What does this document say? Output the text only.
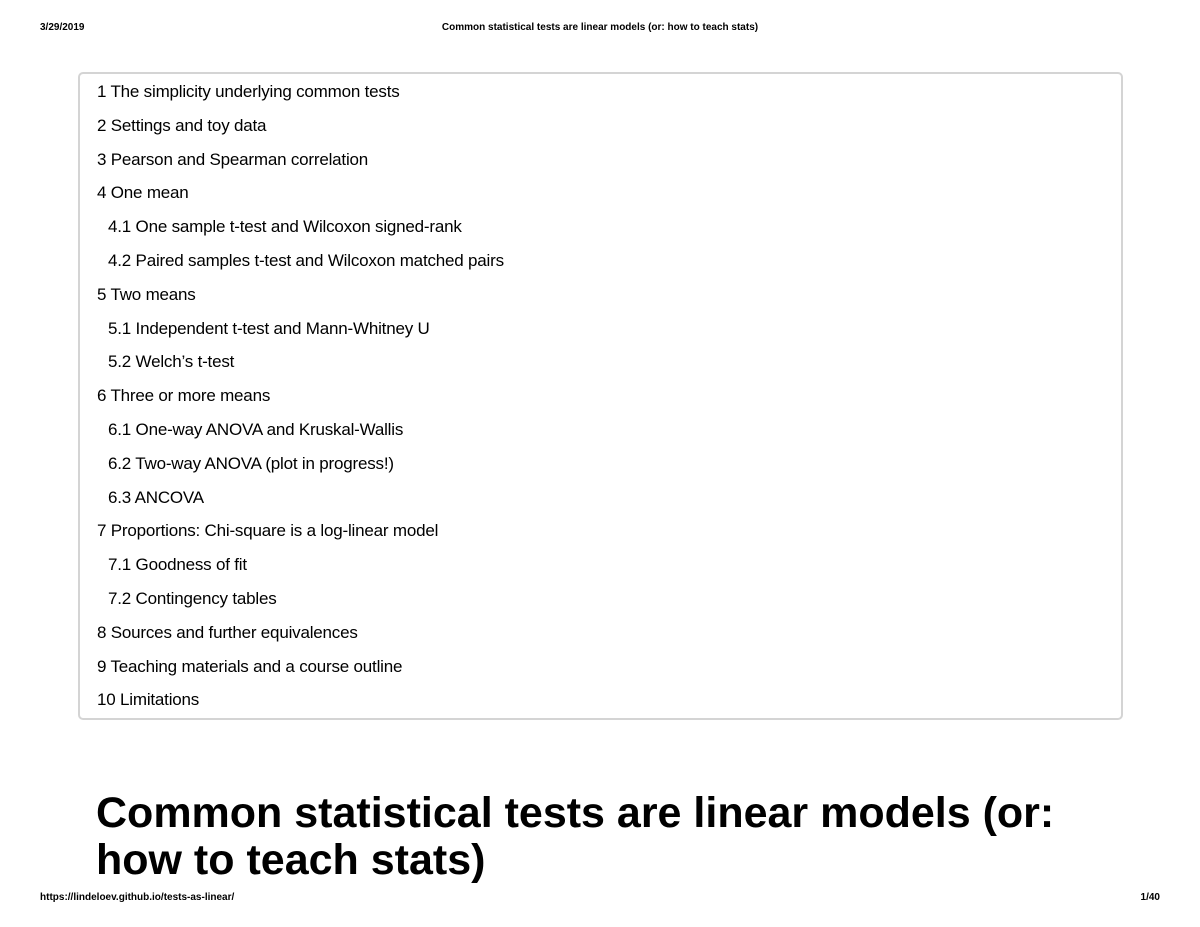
3/29/2019	Common statistical tests are linear models (or: how to teach stats)
1 The simplicity underlying common tests
2 Settings and toy data
3 Pearson and Spearman correlation
4 One mean
4.1 One sample t-test and Wilcoxon signed-rank
4.2 Paired samples t-test and Wilcoxon matched pairs
5 Two means
5.1 Independent t-test and Mann-Whitney U
5.2 Welch’s t-test
6 Three or more means
6.1 One-way ANOVA and Kruskal-Wallis
6.2 Two-way ANOVA (plot in progress!)
6.3 ANCOVA
7 Proportions: Chi-square is a log-linear model
7.1 Goodness of fit
7.2 Contingency tables
8 Sources and further equivalences
9 Teaching materials and a course outline
10 Limitations
Common statistical tests are linear models (or: how to teach stats)
https://lindeloev.github.io/tests-as-linear/	1/40
